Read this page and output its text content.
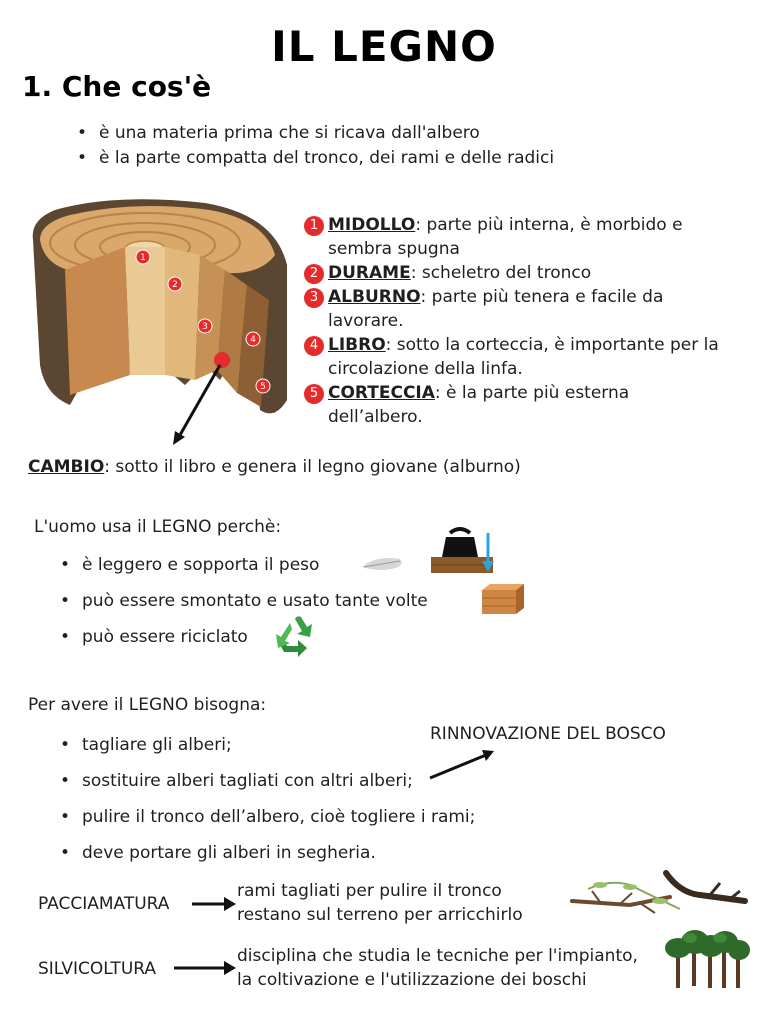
IL LEGNO
1. Che cos'è
• è una materia prima che si ricava dall'albero
• è la parte compatta del tronco, dei rami e delle radici
1
2
3
4
5
1 MIDOLLO: parte più interna, è morbido e
sembra spugna
2 DURAME: scheletro del tronco
3 ALBURNO: parte più tenera e facile da
lavorare.
4 LIBRO: sotto la corteccia, è importante per la
circolazione della linfa.
5 CORTECCIA: è la parte più esterna
dell’albero.
CAMBIO: sotto il libro e genera il legno giovane (alburno)
L'uomo usa il LEGNO perchè:
• è leggero e sopporta il peso
• può essere smontato e usato tante volte
• può essere riciclato
Per avere il LEGNO bisogna:
RINNOVAZIONE DEL BOSCO
• tagliare gli alberi;
• sostituire alberi tagliati con altri alberi;
• pulire il tronco dell’albero, cioè togliere i rami;
• deve portare gli alberi in segheria.
PACCIAMATURA
rami tagliati per pulire il tronco
restano sul terreno per arricchirlo
SILVICOLTURA
disciplina che studia le tecniche per l'impianto,
la coltivazione e l'utilizzazione dei boschi
